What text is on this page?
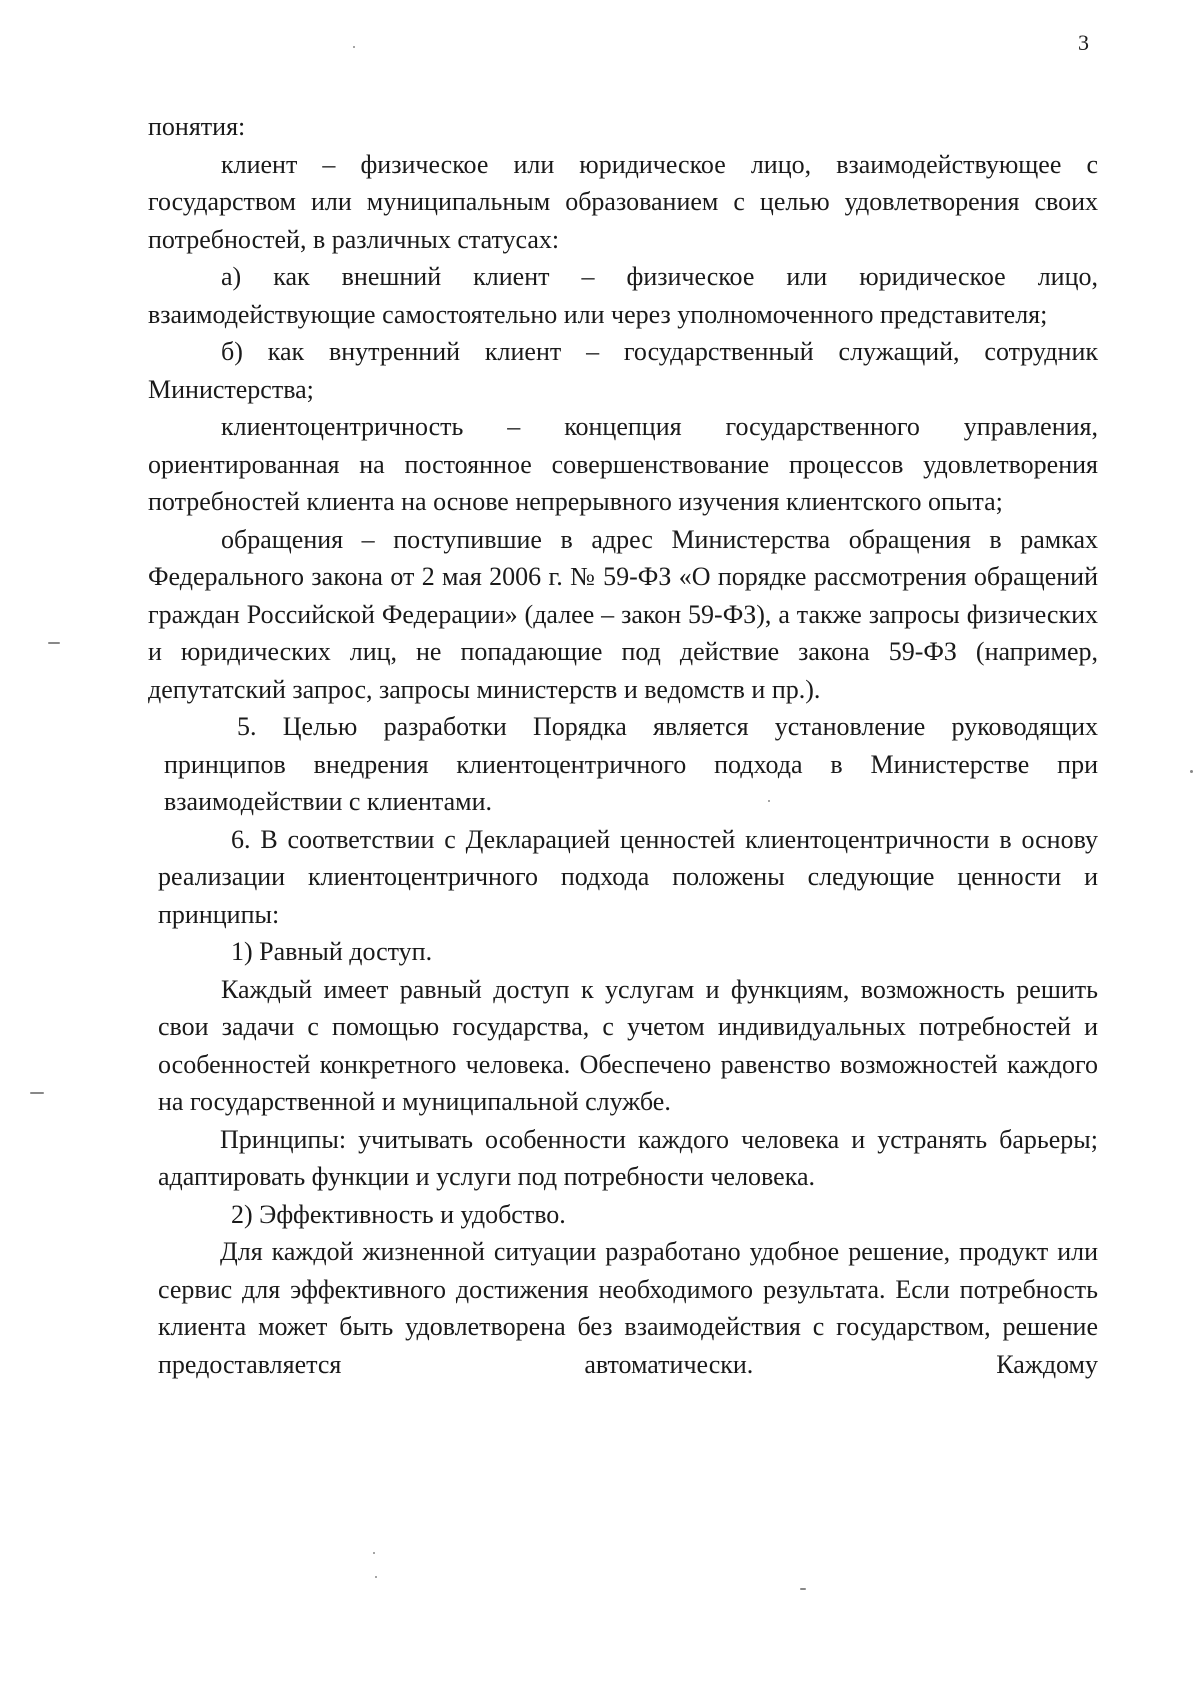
3

понятия:

клиент – физическое или юридическое лицо, взаимодействующее с государством или муниципальным образованием с целью удовлетворения своих потребностей, в различных статусах:

а) как внешний клиент – физическое или юридическое лицо, взаимодействующие самостоятельно или через уполномоченного представителя;

б) как внутренний клиент – государственный служащий, сотрудник Министерства;

клиентоцентричность – концепция государственного управления, ориентированная на постоянное совершенствование процессов удовлетворения потребностей клиента на основе непрерывного изучения клиентского опыта;

обращения – поступившие в адрес Министерства обращения в рамках Федерального закона от 2 мая 2006 г. № 59-ФЗ «О порядке рассмотрения обращений граждан Российской Федерации» (далее – закон 59-ФЗ), а также запросы физических и юридических лиц, не попадающие под действие закона 59-ФЗ (например, депутатский запрос, запросы министерств и ведомств и пр.).

5. Целью разработки Порядка является установление руководящих принципов внедрения клиентоцентричного подхода в Министерстве при взаимодействии с клиентами.

6. В соответствии с Декларацией ценностей клиентоцентричности в основу реализации клиентоцентричного подхода положены следующие ценности и принципы:

1) Равный доступ.

Каждый имеет равный доступ к услугам и функциям, возможность решить свои задачи с помощью государства, с учетом индивидуальных потребностей и особенностей конкретного человека. Обеспечено равенство возможностей каждого на государственной и муниципальной службе.

Принципы: учитывать особенности каждого человека и устранять барьеры; адаптировать функции и услуги под потребности человека.

2) Эффективность и удобство.

Для каждой жизненной ситуации разработано удобное решение, продукт или сервис для эффективного достижения необходимого результата. Если потребность клиента может быть удовлетворена без взаимодействия с государством, решение предоставляется автоматически. Каждому
